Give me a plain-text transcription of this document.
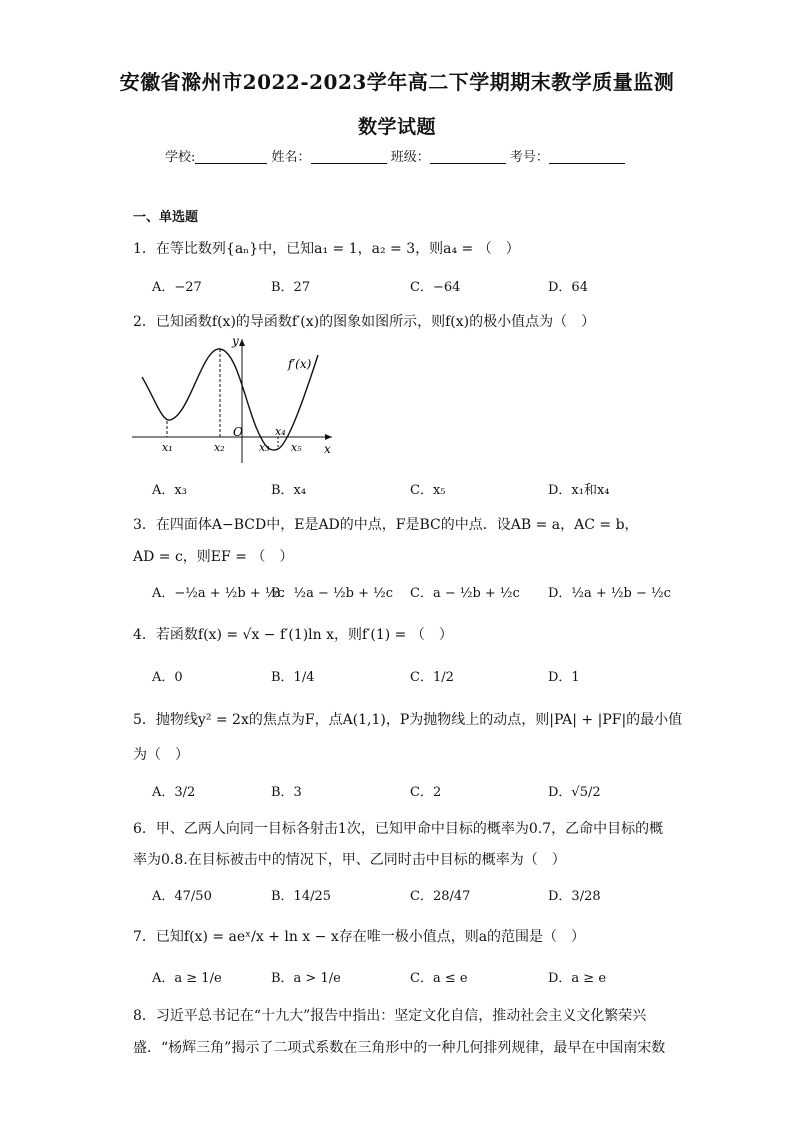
安徽省滁州市2022-2023学年高二下学期期末教学质量监测
数学试题
学校:	姓名：	班级：	考号：
一、单选题
1．在等比数列{aₙ}中，已知a₁ = 1，a₂ = 3，则a₄ = （　）
A．−27	B．27	C．−64	D．64
2．已知函数f(x)的导函数f′(x)的图象如图所示，则f(x)的极小值点为（　）
y
x
O
f′(x)
x₁	x₂	x₃
x₄
x₅
A．x₃	B．x₄	C．x₅	D．x₁和x₄
3．在四面体A−BCD中，E是AD的中点，F是BC的中点．设AB = a，AC = b，
AD = c，则EF = （　）
A．−½a + ½b + ½c
B．½a − ½b + ½c C．a − ½b + ½c D．½a + ½b − ½c
4．若函数f(x) = √x − f′(1)ln x，则f′(1) = （　）
A．0	B．1/4	C．1/2	D．1
5．抛物线y² = 2x的焦点为F，点A(1,1)，P为抛物线上的动点，则|PA| + |PF|的最小值
为（　）
A．3/2	B．3	C．2	D．√5/2
6．甲、乙两人向同一目标各射击1次，已知甲命中目标的概率为0.7，乙命中目标的概
率为0.8.在目标被击中的情况下，甲、乙同时击中目标的概率为（　）
A．47/50	B．14/25	C．28/47	D．3/28
7．已知f(x) = aeˣ/x + ln x − x存在唯一极小值点，则a的范围是（　）
A．a ≥ 1/e	B．a > 1/e	C．a ≤ e	D．a ≥ e
8．习近平总书记在“十九大”报告中指出：坚定文化自信，推动社会主义文化繁荣兴
盛．“杨辉三角”揭示了二项式系数在三角形中的一种几何排列规律，最早在中国南宋数
